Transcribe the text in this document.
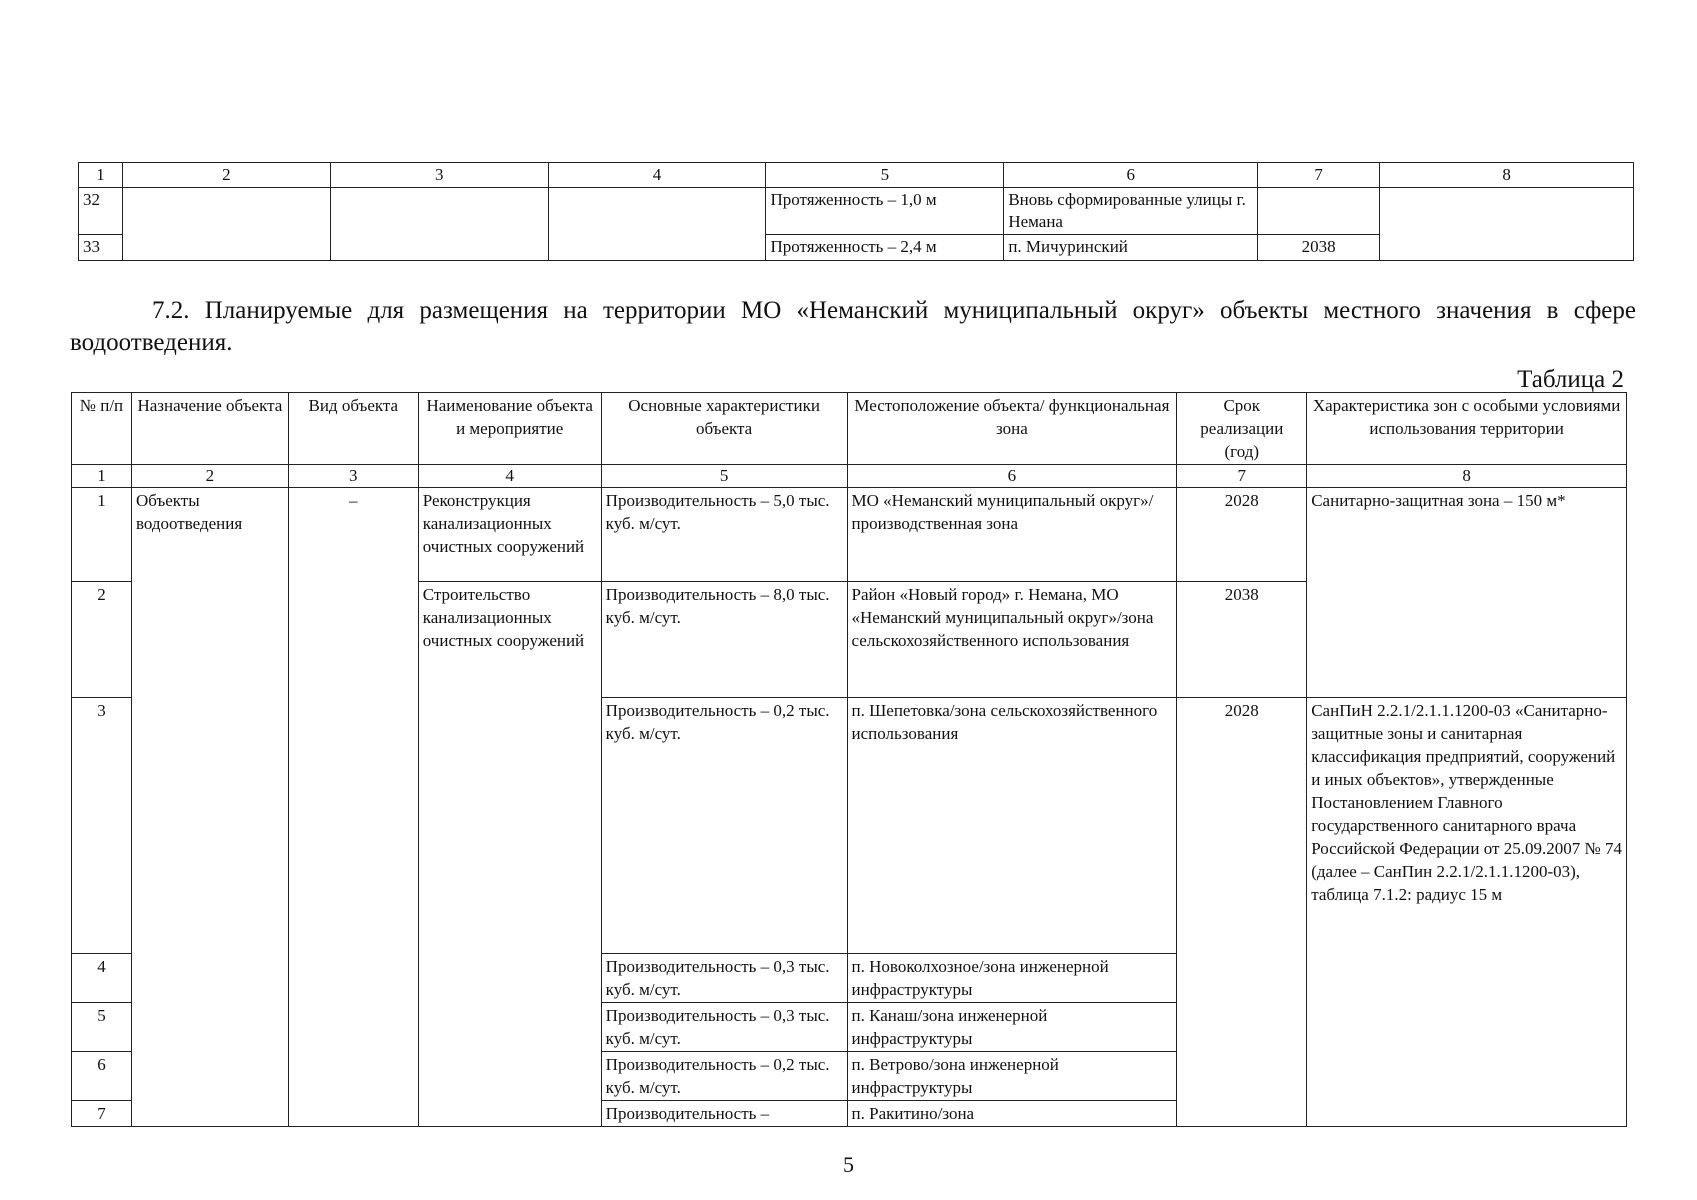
1	2	3	4	5	6	7	8
32				Протяженность – 1,0 м	Вновь сформированные улицы г. Немана		
33				Протяженность – 2,4 м	п. Мичуринский	2038	
7.2. Планируемые для размещения на территории МО «Неманский муниципальный округ» объекты местного значения в сфере водоотведения.
Таблица 2
№ п/п	Назначение объекта	Вид объекта	Наименование объекта и мероприятие	Основные характеристики объекта	Местоположение объекта/ функциональная зона	Срок реализации (год)	Характеристика зон с особыми условиями использования территории
1	2	3	4	5	6	7	8
1	Объекты водоотведения	–	Реконструкция канализационных очистных сооружений	Производительность – 5,0 тыс. куб. м/сут.	МО «Неманский муниципальный округ»/производственная зона	2028	Санитарно-защитная зона – 150 м*
2			Строительство канализационных очистных сооружений	Производительность – 8,0 тыс. куб. м/сут.	Район «Новый город» г. Немана, МО «Неманский муниципальный округ»/зона сельскохозяйственного использования	2038	
3				Производительность – 0,2 тыс. куб. м/сут.	п. Шепетовка/зона сельскохозяйственного использования	2028	СанПиН 2.2.1/2.1.1.1200-03 «Санитарно-защитные зоны и санитарная классификация предприятий, сооружений и иных объектов», утвержденные Постановлением Главного государственного санитарного врача Российской Федерации от 25.09.2007 № 74 (далее – СанПин 2.2.1/2.1.1.1200-03), таблица 7.1.2: радиус 15 м
4				Производительность – 0,3 тыс. куб. м/сут.	п. Новоколхозное/зона инженерной инфраструктуры		
5				Производительность – 0,3 тыс. куб. м/сут.	п. Канаш/зона инженерной инфраструктуры		
6				Производительность – 0,2 тыс. куб. м/сут.	п. Ветрово/зона инженерной инфраструктуры		
7				Производительность –	п. Ракитино/зона		
5
